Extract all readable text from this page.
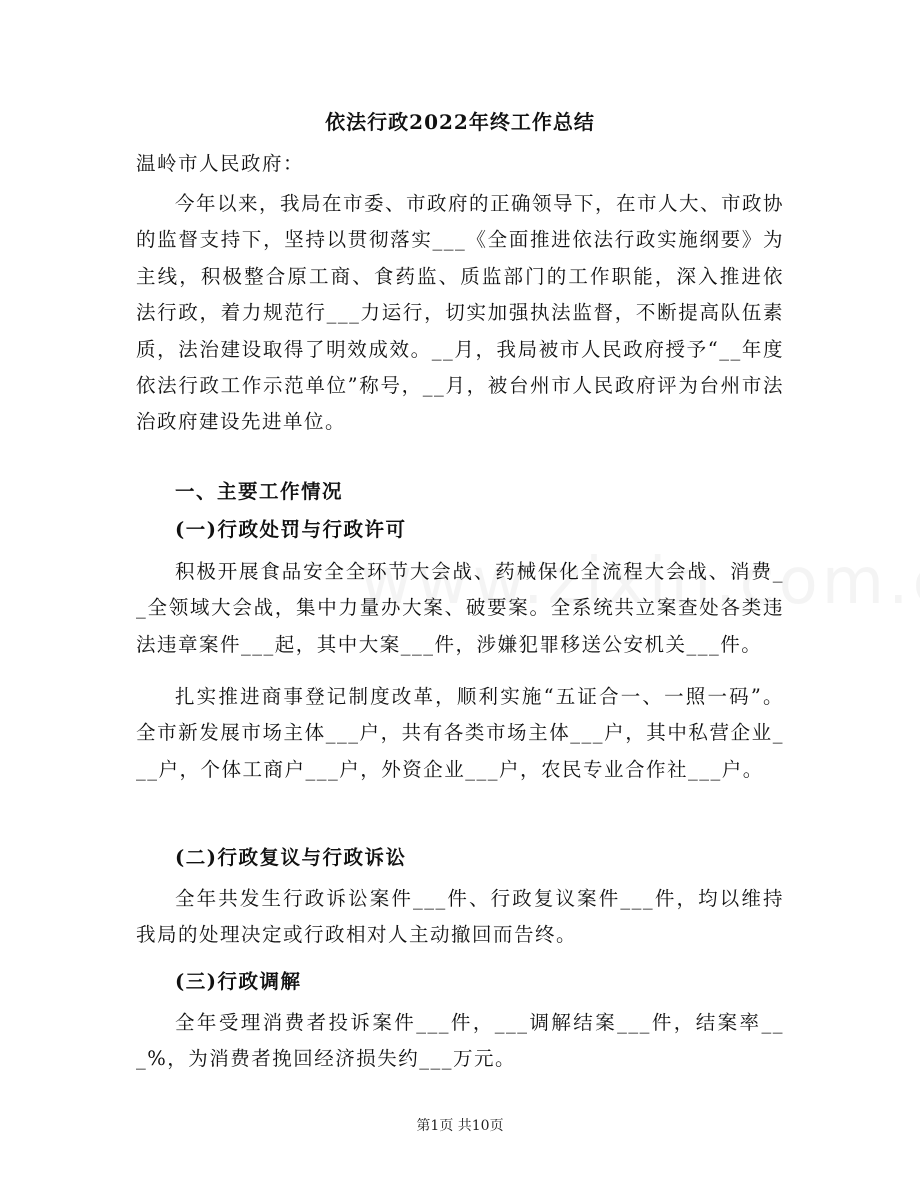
依法行政2022年终工作总结
温岭市人民政府：
今年以来，我局在市委、市政府的正确领导下，在市人大、市政协的监督支持下，坚持以贯彻落实___《全面推进依法行政实施纲要》为主线，积极整合原工商、食药监、质监部门的工作职能，深入推进依法行政，着力规范行___力运行，切实加强执法监督，不断提高队伍素质，法治建设取得了明效成效。__月，我局被市人民政府授予“__年度依法行政工作示范单位”称号，__月，被台州市人民政府评为台州市法治政府建设先进单位。
一、主要工作情况
(一)行政处罚与行政许可
积极开展食品安全全环节大会战、药械保化全流程大会战、消费__全领域大会战，集中力量办大案、破要案。全系统共立案查处各类违法违章案件___起，其中大案___件，涉嫌犯罪移送公安机关___件。
扎实推进商事登记制度改革，顺利实施“五证合一、一照一码”。全市新发展市场主体___户，共有各类市场主体___户，其中私营企业___户，个体工商户___户，外资企业___户，农民专业合作社___户。
(二)行政复议与行政诉讼
全年共发生行政诉讼案件___件、行政复议案件___件，均以维持我局的处理决定或行政相对人主动撤回而告终。
(三)行政调解
全年受理消费者投诉案件___件，___调解结案___件，结案率___%，为消费者挽回经济损失约___万元。
第1页 共10页
